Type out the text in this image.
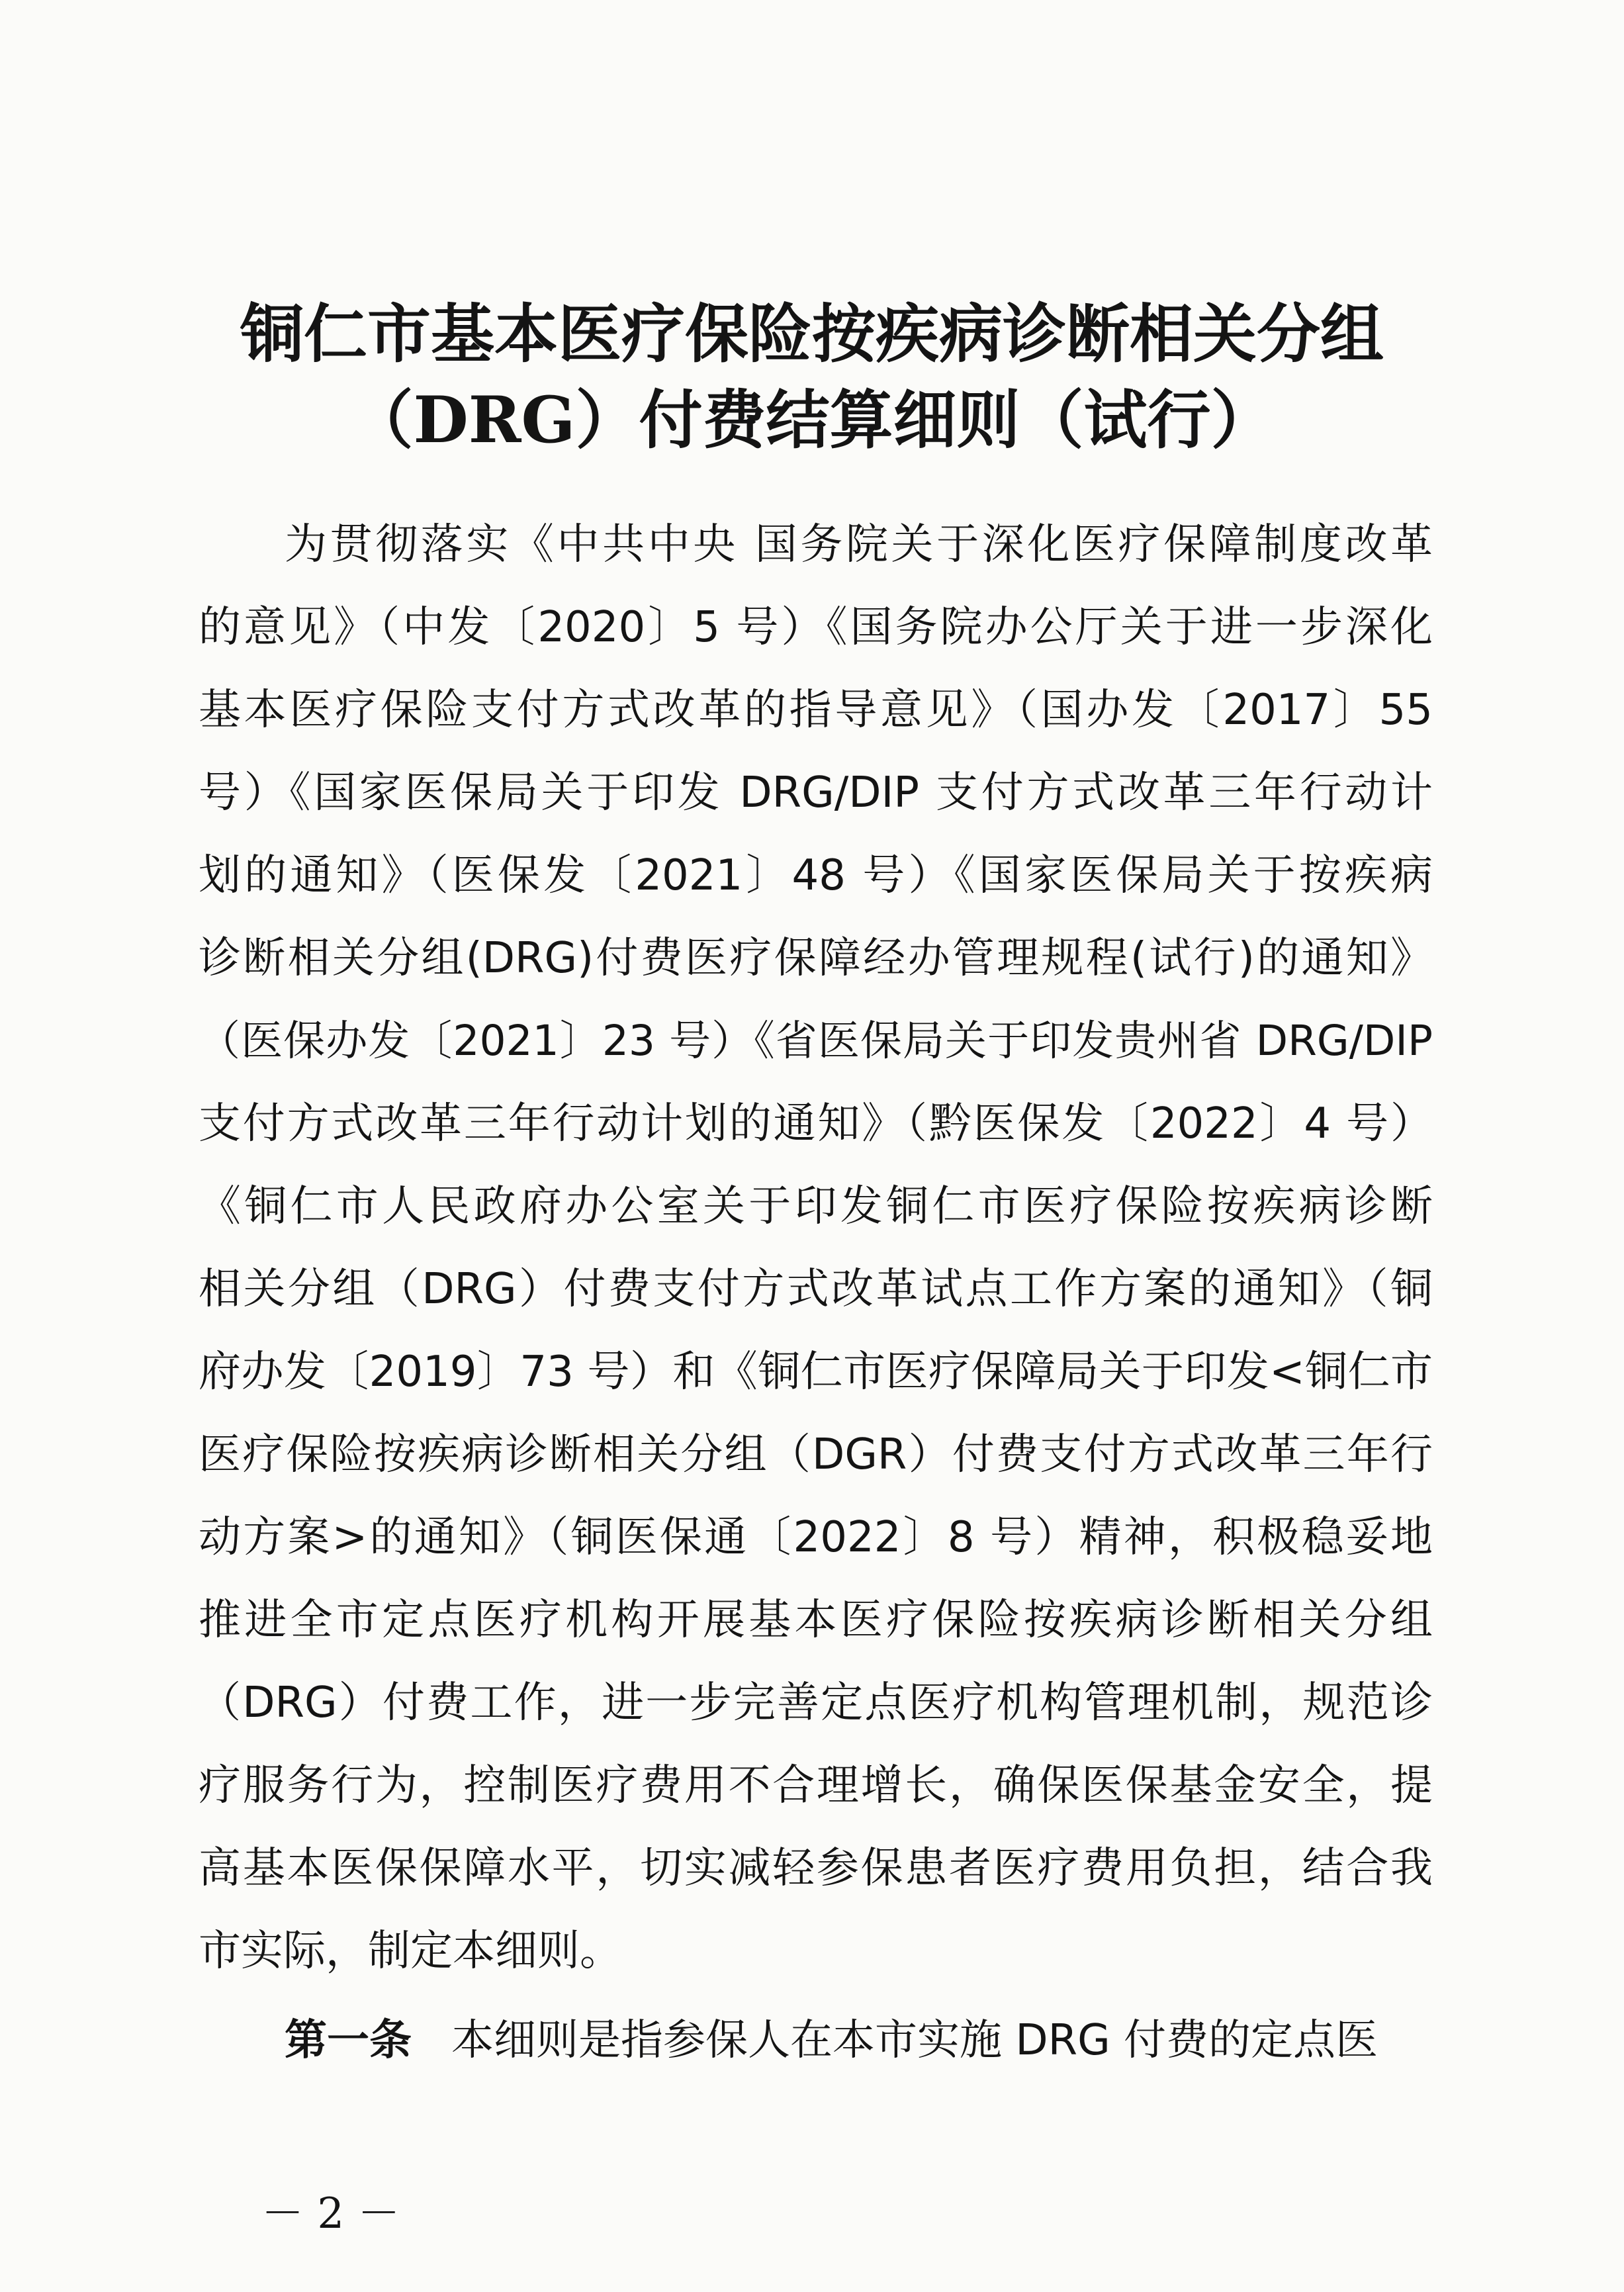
铜仁市基本医疗保险按疾病诊断相关分组
（DRG）付费结算细则（试行）
为贯彻落实《中共中央 国务院关于深化医疗保障制度改革
的意见》（中发〔2020〕5 号）《国务院办公厅关于进一步深化
基本医疗保险支付方式改革的指导意见》（国办发〔2017〕55
号）《国家医保局关于印发 DRG/DIP 支付方式改革三年行动计
划的通知》（医保发〔2021〕48 号）《国家医保局关于按疾病
诊断相关分组(DRG)付费医疗保障经办管理规程(试行)的通知》
（医保办发〔2021〕23 号）《省医保局关于印发贵州省 DRG/DIP
支付方式改革三年行动计划的通知》（黔医保发〔2022〕4 号）
《铜仁市人民政府办公室关于印发铜仁市医疗保险按疾病诊断
相关分组（DRG）付费支付方式改革试点工作方案的通知》（铜
府办发〔2019〕73 号）和《铜仁市医疗保障局关于印发<铜仁市
医疗保险按疾病诊断相关分组（DGR）付费支付方式改革三年行
动方案>的通知》（铜医保通〔2022〕8 号）精神，积极稳妥地
推进全市定点医疗机构开展基本医疗保险按疾病诊断相关分组
（DRG）付费工作，进一步完善定点医疗机构管理机制，规范诊
疗服务行为，控制医疗费用不合理增长，确保医保基金安全，提
高基本医保保障水平，切实减轻参保患者医疗费用负担，结合我
市实际，制定本细则。
第一条 本细则是指参保人在本市实施 DRG 付费的定点医
－ 2 －
